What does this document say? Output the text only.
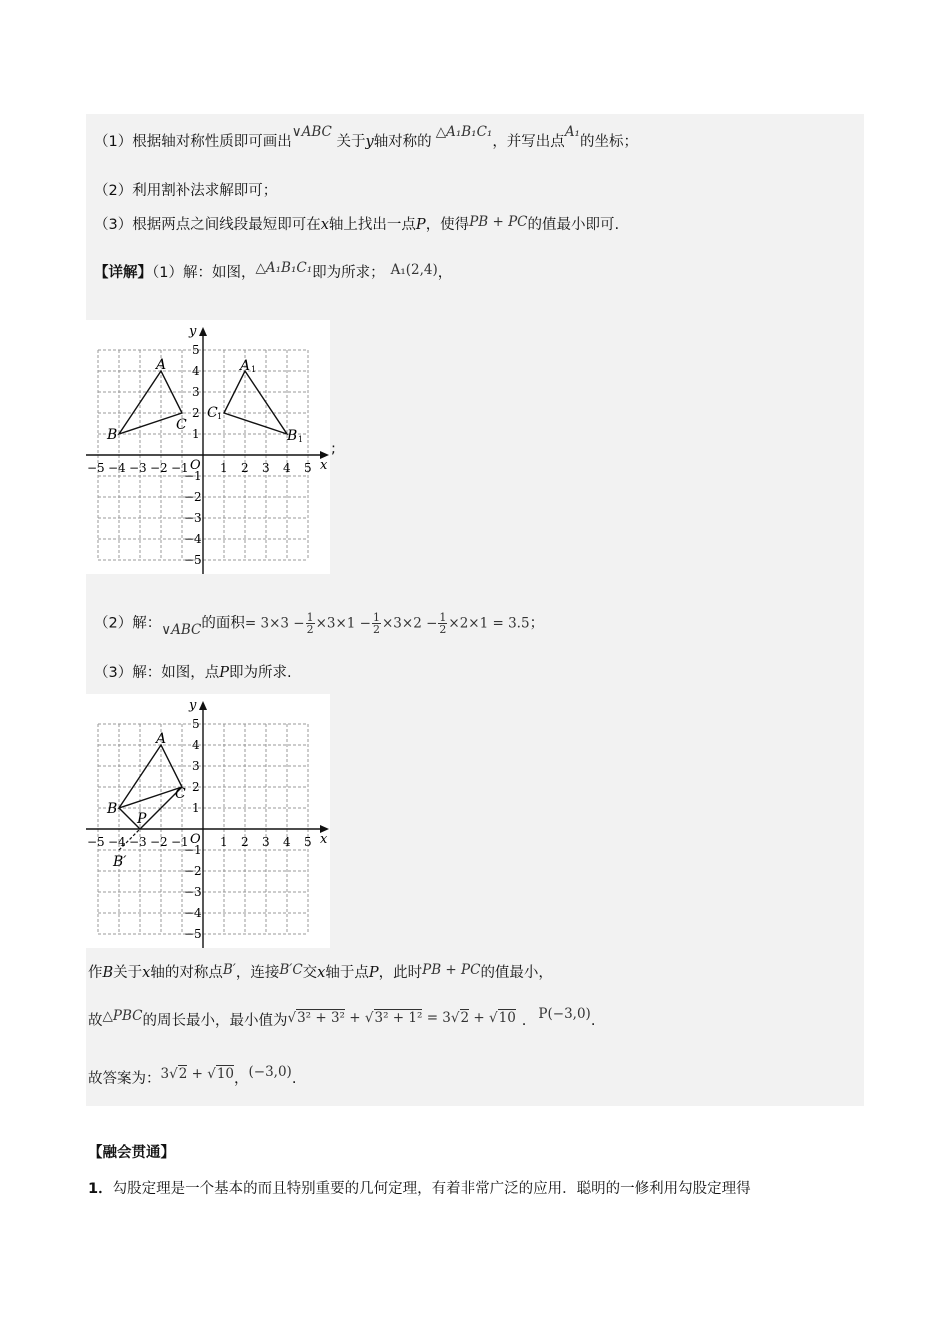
（1）根据轴对称性质即可画出∨ABC 关于y轴对称的△A₁B₁C₁，并写出点A₁的坐标；
（2）利用割补法求解即可；
（3）根据两点之间线段最短即可在x轴上找出一点P，使得PB + PC的值最小即可.
【详解】（1）解：如图，△A₁B₁C₁即为所求； A₁(2,4)，
y
x
O
1
2
3
4
5
−1
−2
−3
−4
−5
−5 −4 −3 −2 −1	1 2 3 4 5
A
B
C
A
B
C
1
1
1
;
（2）解：∨ABC的面积= $3\times 3 - \frac{1}{2} \times 3\times 1 - \frac{1}{2} \times 3\times 2 - \frac{1}{2} \times 2\times 1 = 3.5$；
（3）解：如图，点P即为所求.
y
x
O
1
2
3
4
5
−1
−2
−3
−4
−5
−5 −4 −3 −2 −1	1 2 3 4 5
A
B
C
P
B′
作B关于x轴的对称点B′，连接B′C交x轴于点P，此时PB + PC的值最小，
故△PBC的周长最小，最小值为√3² + 3² + √3² + 1² = 3√2 + √10 . P(−3,0).
故答案为：3√2 + √10，(−3,0).
【融会贯通】
1．勾股定理是一个基本的而且特别重要的几何定理，有着非常广泛的应用．聪明的一修利用勾股定理得
